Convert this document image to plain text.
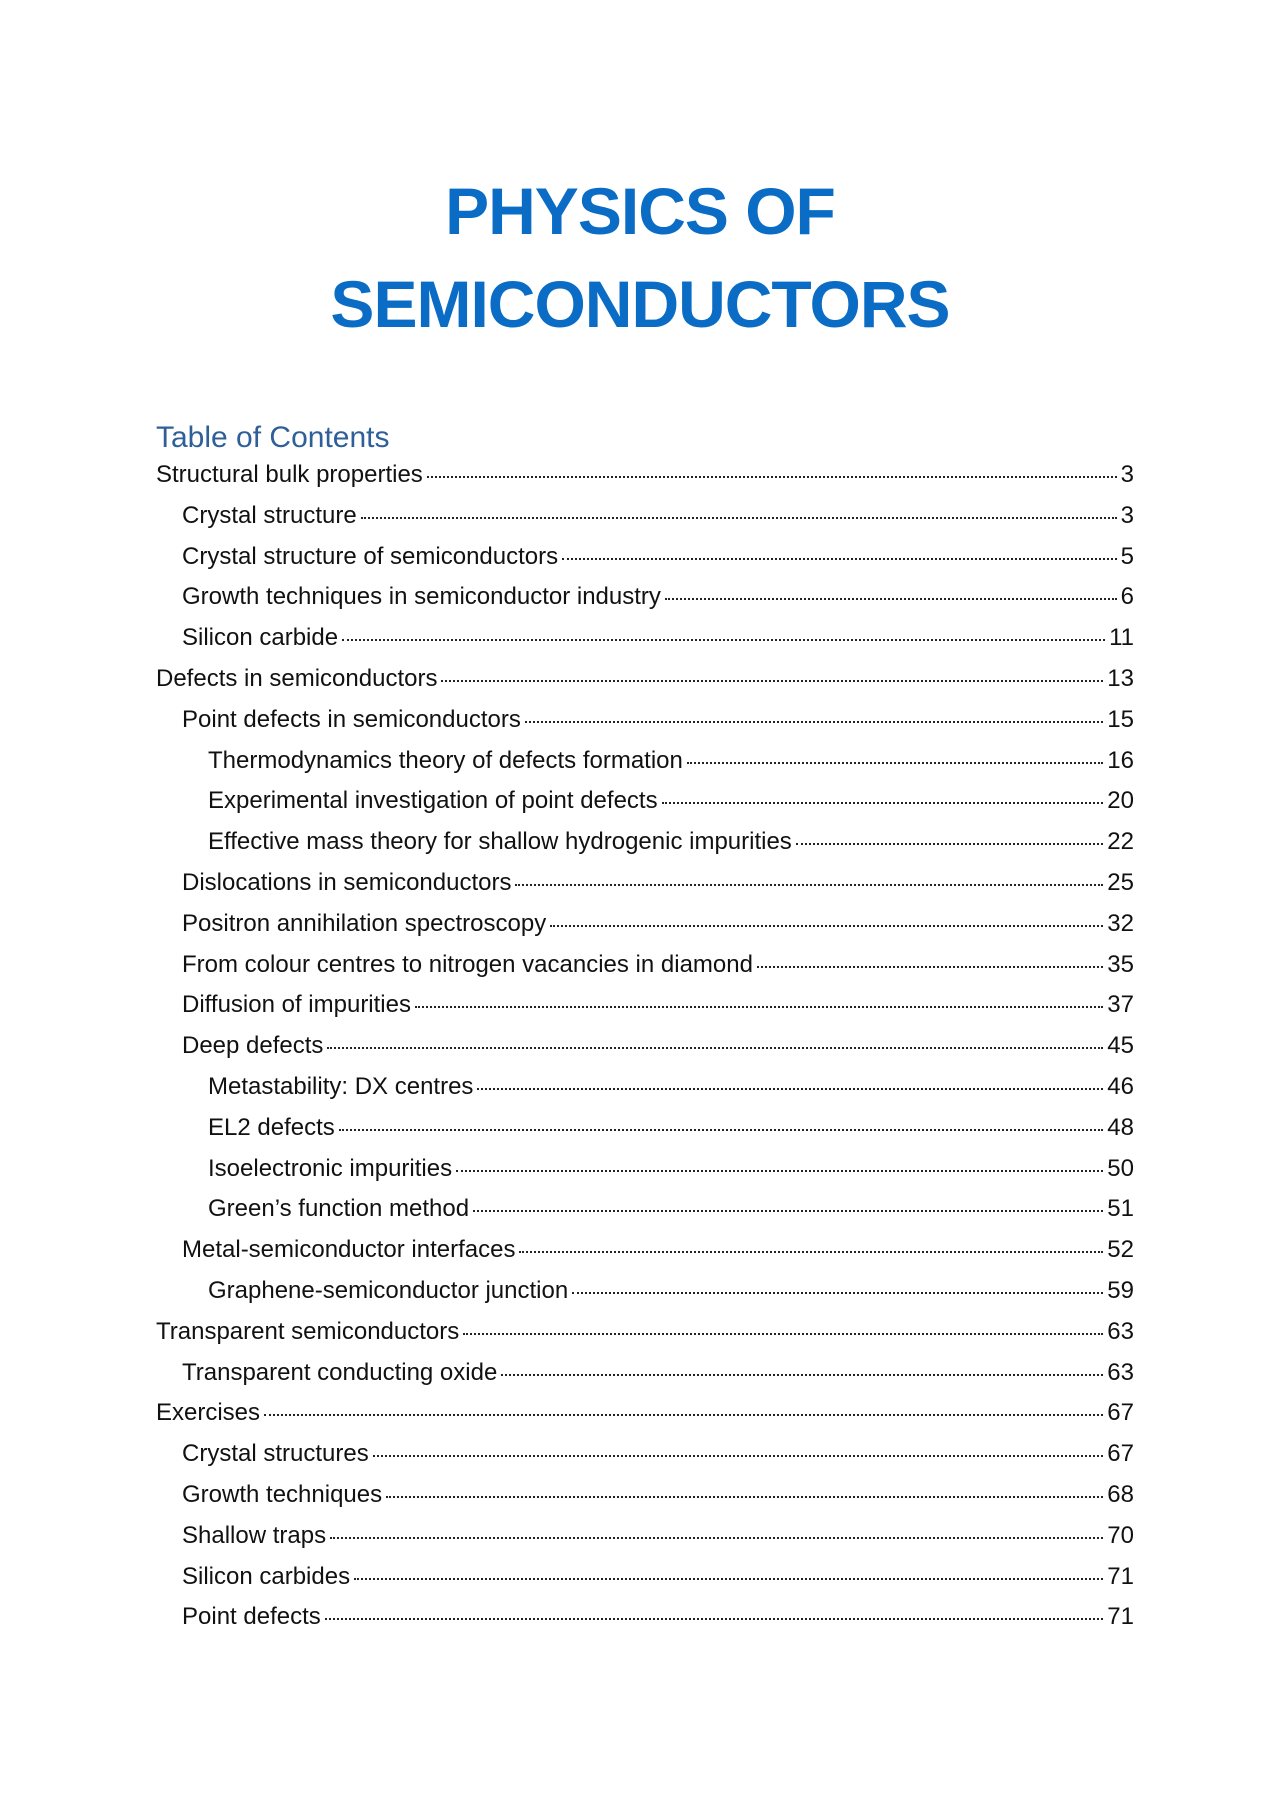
PHYSICS OF
SEMICONDUCTORS
Table of Contents
Structural bulk properties	3
Crystal structure	3
Crystal structure of semiconductors	5
Growth techniques in semiconductor industry	6
Silicon carbide	11
Defects in semiconductors	13
Point defects in semiconductors	15
Thermodynamics theory of defects formation	16
Experimental investigation of point defects	20
Effective mass theory for shallow hydrogenic impurities	22
Dislocations in semiconductors	25
Positron annihilation spectroscopy	32
From colour centres to nitrogen vacancies in diamond	35
Diffusion of impurities	37
Deep defects	45
Metastability: DX centres	46
EL2 defects	48
Isoelectronic impurities	50
Green’s function method	51
Metal-semiconductor interfaces	52
Graphene-semiconductor junction	59
Transparent semiconductors	63
Transparent conducting oxide	63
Exercises	67
Crystal structures	67
Growth techniques	68
Shallow traps	70
Silicon carbides	71
Point defects	71
